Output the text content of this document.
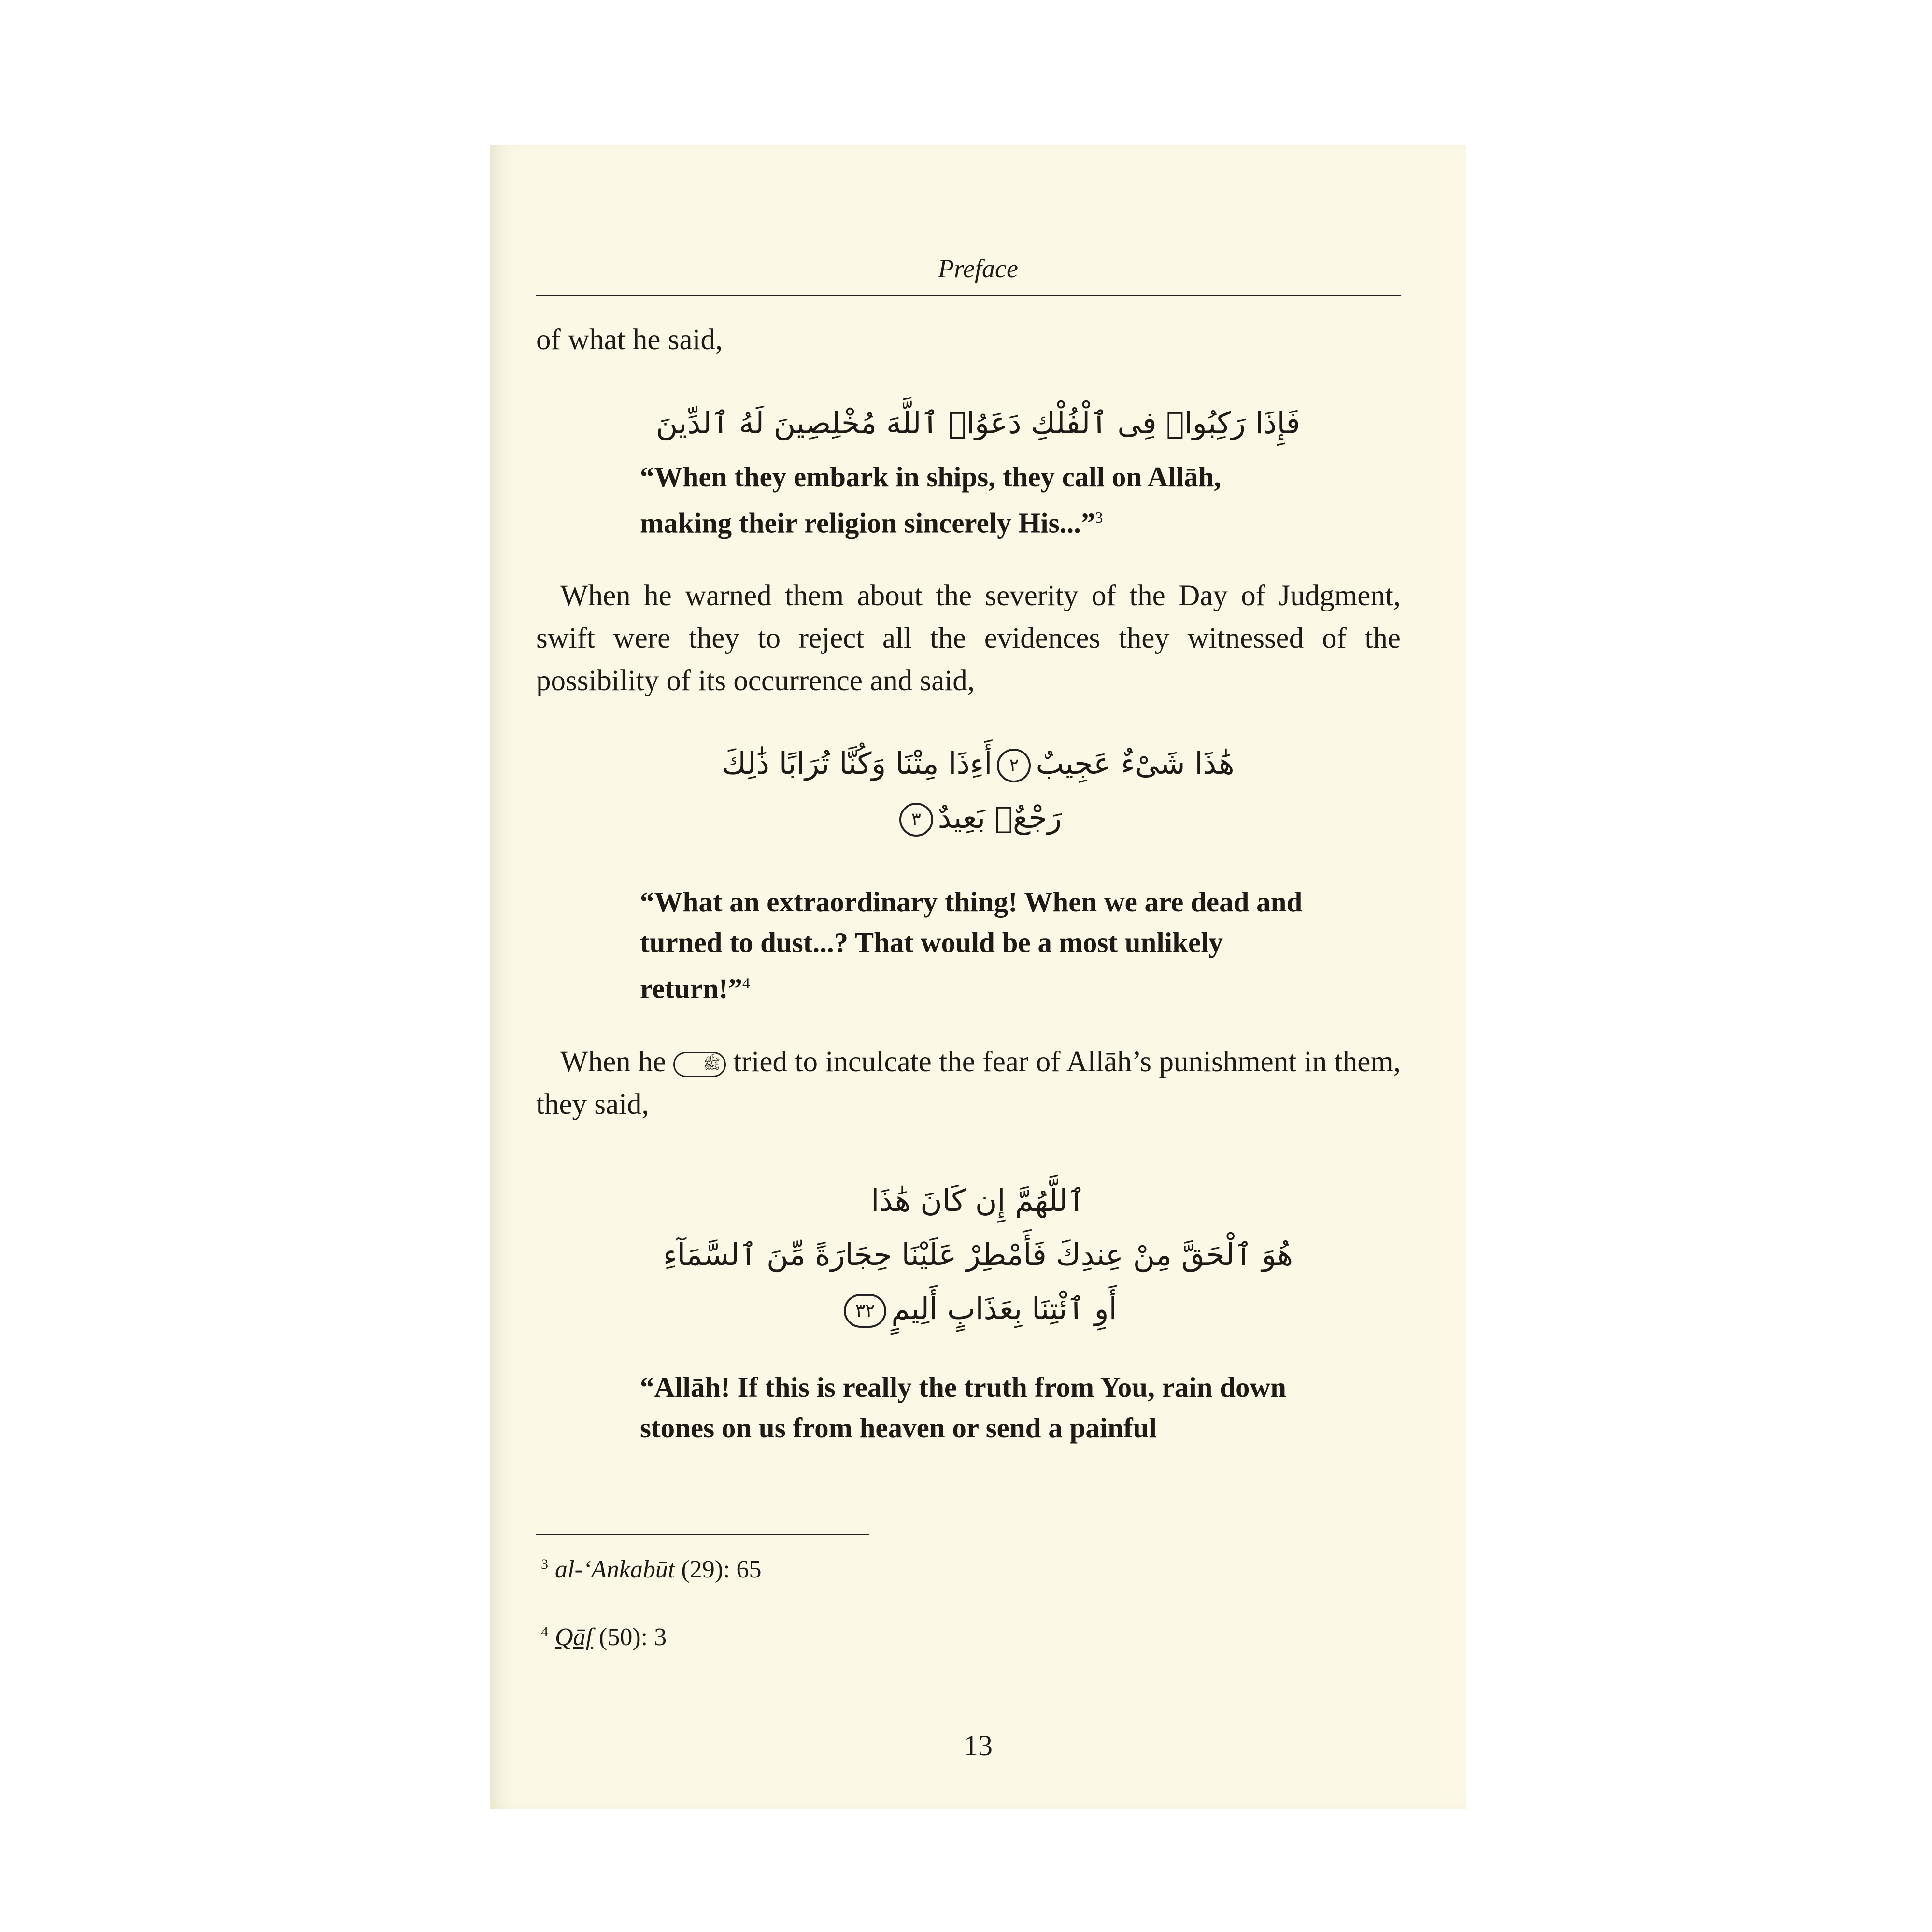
Preface

of what he said,

فَإِذَا رَكِبُوا۟ فِى ٱلْفُلْكِ دَعَوُا۟ ٱللَّهَ مُخْلِصِينَ لَهُ ٱلدِّينَ
“When they embark in ships, they call on Allāh, making their religion sincerely His...”$^3$

When he warned them about the severity of the Day of Judgment, swift were they to reject all the evidences they witnessed of the possibility of its occurrence and said,

هَٰذَا شَىْءٌ عَجِيبٌ٢أَءِذَا مِتْنَا وَكُنَّا تُرَابًا ذَٰلِكَ
رَجْعٌۢ بَعِيدٌ٣
“What an extraordinary thing! When we are dead and turned to dust...? That would be a most unlikely return!”$^4$

When he	ﷺ tried to inculcate the fear of Allāh’s punishment in them, they said,

ٱللَّهُمَّ إِن كَانَ هَٰذَا
هُوَ ٱلْحَقَّ مِنْ عِندِكَ فَأَمْطِرْ عَلَيْنَا حِجَارَةً مِّنَ ٱلسَّمَآءِ
أَوِ ٱئْتِنَا بِعَذَابٍ أَلِيمٍ٣٢
“Allāh! If this is really the truth from You, rain down stones on us from heaven or send a painful
$^3$ al-‘Ankabūt (29): 65
$^4$ Qāf (50): 3
13
